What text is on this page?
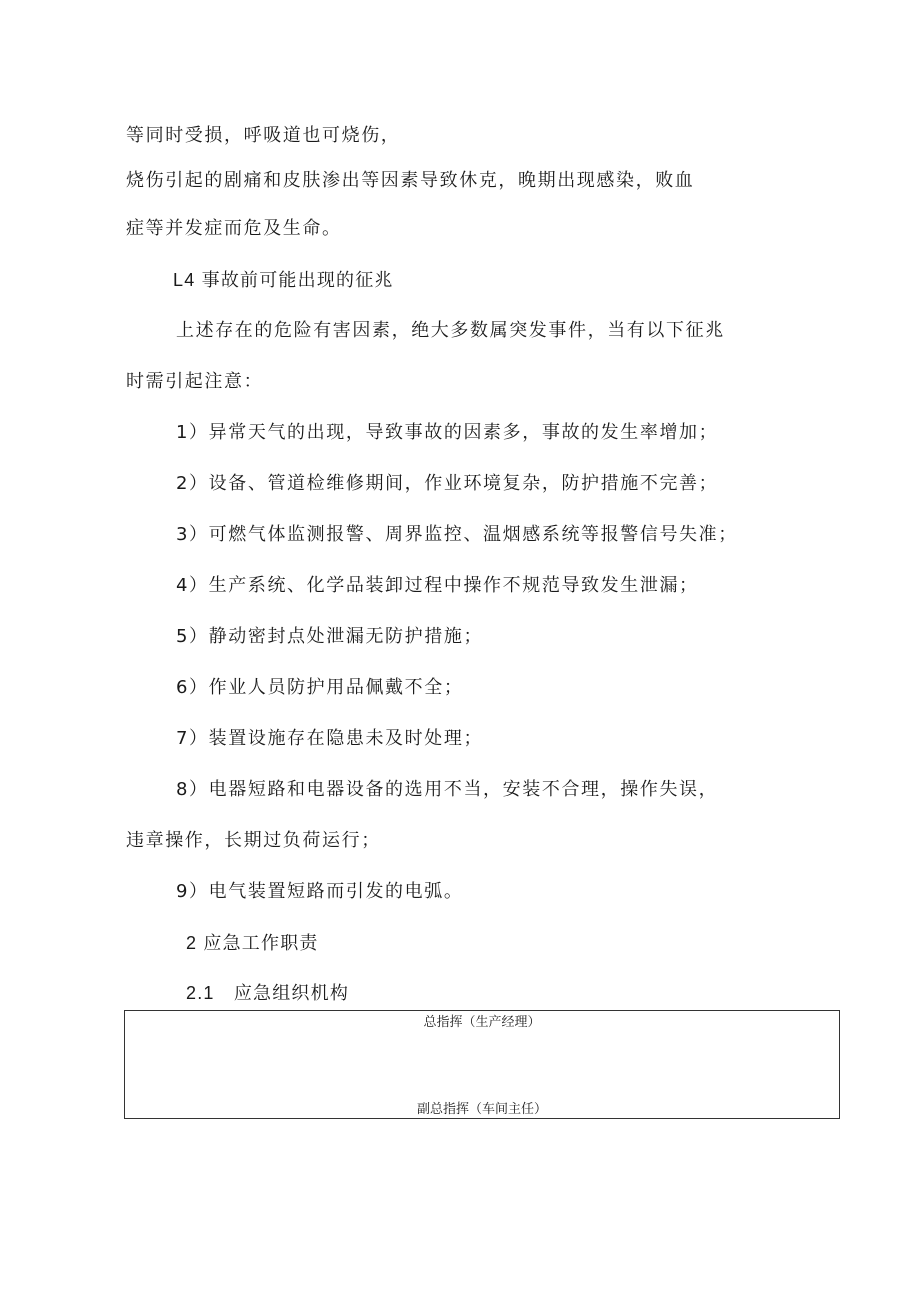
等同时受损，呼吸道也可烧伤，

烧伤引起的剧痛和皮肤渗出等因素导致休克，晚期出现感染，败血

症等并发症而危及生命。

L4 事故前可能出现的征兆

上述存在的危险有害因素，绝大多数属突发事件，当有以下征兆

时需引起注意：

1）异常天气的出现，导致事故的因素多，事故的发生率增加；

2）设备、管道检维修期间，作业环境复杂，防护措施不完善；

3）可燃气体监测报警、周界监控、温烟感系统等报警信号失准；

4）生产系统、化学品装卸过程中操作不规范导致发生泄漏；

5）静动密封点处泄漏无防护措施；

6）作业人员防护用品佩戴不全；

7）装置设施存在隐患未及时处理；

8）电器短路和电器设备的选用不当，安装不合理，操作失误，

违章操作，长期过负荷运行；

9）电气装置短路而引发的电弧。

2 应急工作职责

2.1　应急组织机构

总指挥（生产经理）

副总指挥（车间主任）
